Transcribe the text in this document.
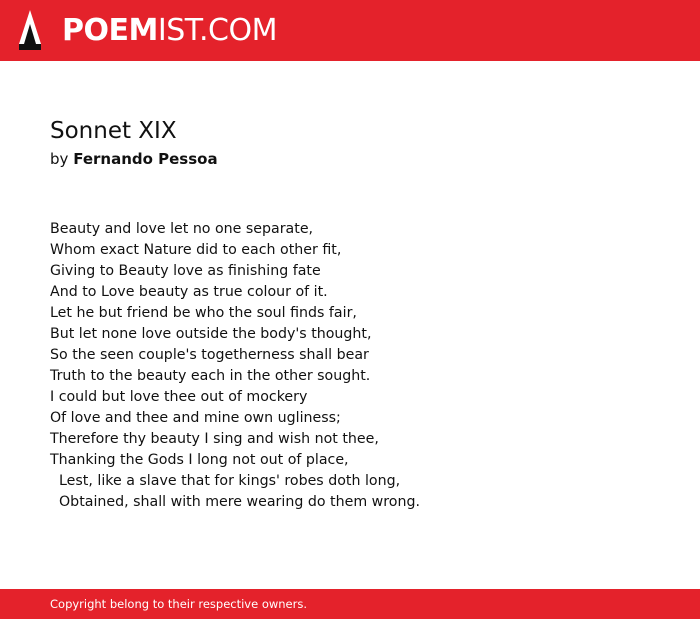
POEMIST.COM
Sonnet XIX
by Fernando Pessoa
Beauty and love let no one separate,
Whom exact Nature did to each other fit,
Giving to Beauty love as finishing fate
And to Love beauty as true colour of it.
Let he but friend be who the soul finds fair,
But let none love outside the body's thought,
So the seen couple's togetherness shall bear
Truth to the beauty each in the other sought.
I could but love thee out of mockery
Of love and thee and mine own ugliness;
Therefore thy beauty I sing and wish not thee,
Thanking the Gods I long not out of place,
Lest, like a slave that for kings' robes doth long,
Obtained, shall with mere wearing do them wrong.
Copyright belong to their respective owners.
